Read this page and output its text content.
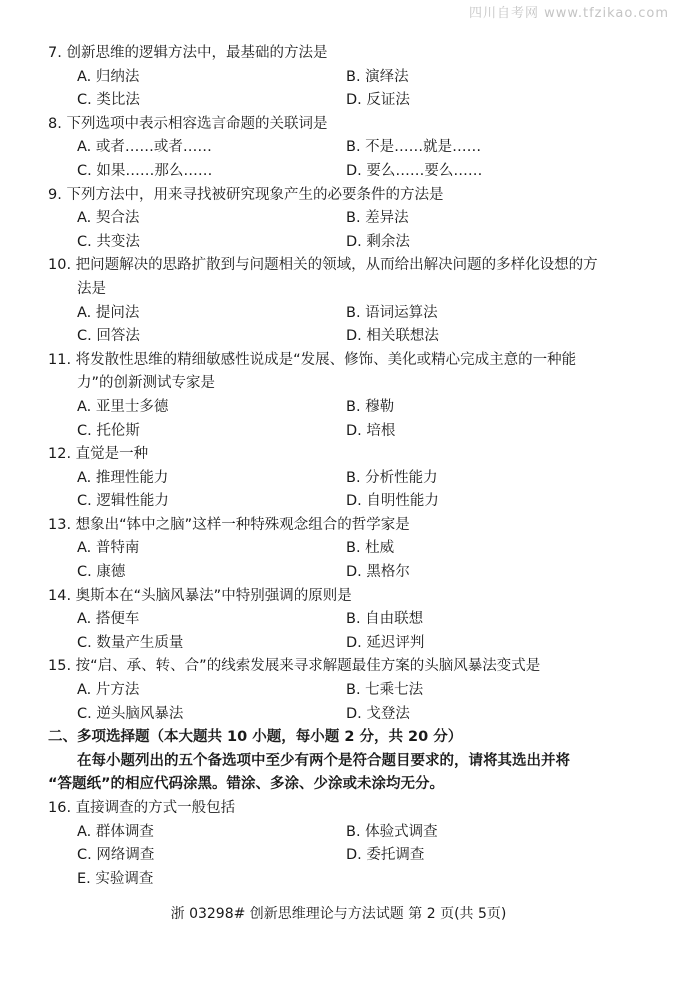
四川自考网 www.tfzikao.com
7. 创新思维的逻辑方法中，最基础的方法是
A. 归纳法	B. 演绎法
C. 类比法	D. 反证法
8. 下列选项中表示相容选言命题的关联词是
A. 或者……或者……	B. 不是……就是……
C. 如果……那么……	D. 要么……要么……
9. 下列方法中，用来寻找被研究现象产生的必要条件的方法是
A. 契合法	B. 差异法
C. 共变法	D. 剩余法
10. 把问题解决的思路扩散到与问题相关的领域，从而给出解决问题的多样化设想的方
法是
A. 提问法	B. 语词运算法
C. 回答法	D. 相关联想法
11. 将发散性思维的精细敏感性说成是“发展、修饰、美化或精心完成主意的一种能
力”的创新测试专家是
A. 亚里士多德	B. 穆勒
C. 托伦斯	D. 培根
12. 直觉是一种
A. 推理性能力	B. 分析性能力
C. 逻辑性能力	D. 自明性能力
13. 想象出“钵中之脑”这样一种特殊观念组合的哲学家是
A. 普特南	B. 杜威
C. 康德	D. 黑格尔
14. 奥斯本在“头脑风暴法”中特别强调的原则是
A. 搭便车	B. 自由联想
C. 数量产生质量	D. 延迟评判
15. 按“启、承、转、合”的线索发展来寻求解题最佳方案的头脑风暴法变式是
A. 片方法	B. 七乘七法
C. 逆头脑风暴法	D. 戈登法
二、多项选择题（本大题共 10 小题，每小题 2 分，共 20 分）
在每小题列出的五个备选项中至少有两个是符合题目要求的，请将其选出并将
“答题纸”的相应代码涂黑。错涂、多涂、少涂或未涂均无分。
16. 直接调查的方式一般包括
A. 群体调查	B. 体验式调查
C. 网络调查	D. 委托调查
E. 实验调查
浙 03298# 创新思维理论与方法试题 第 2 页(共 5页)
